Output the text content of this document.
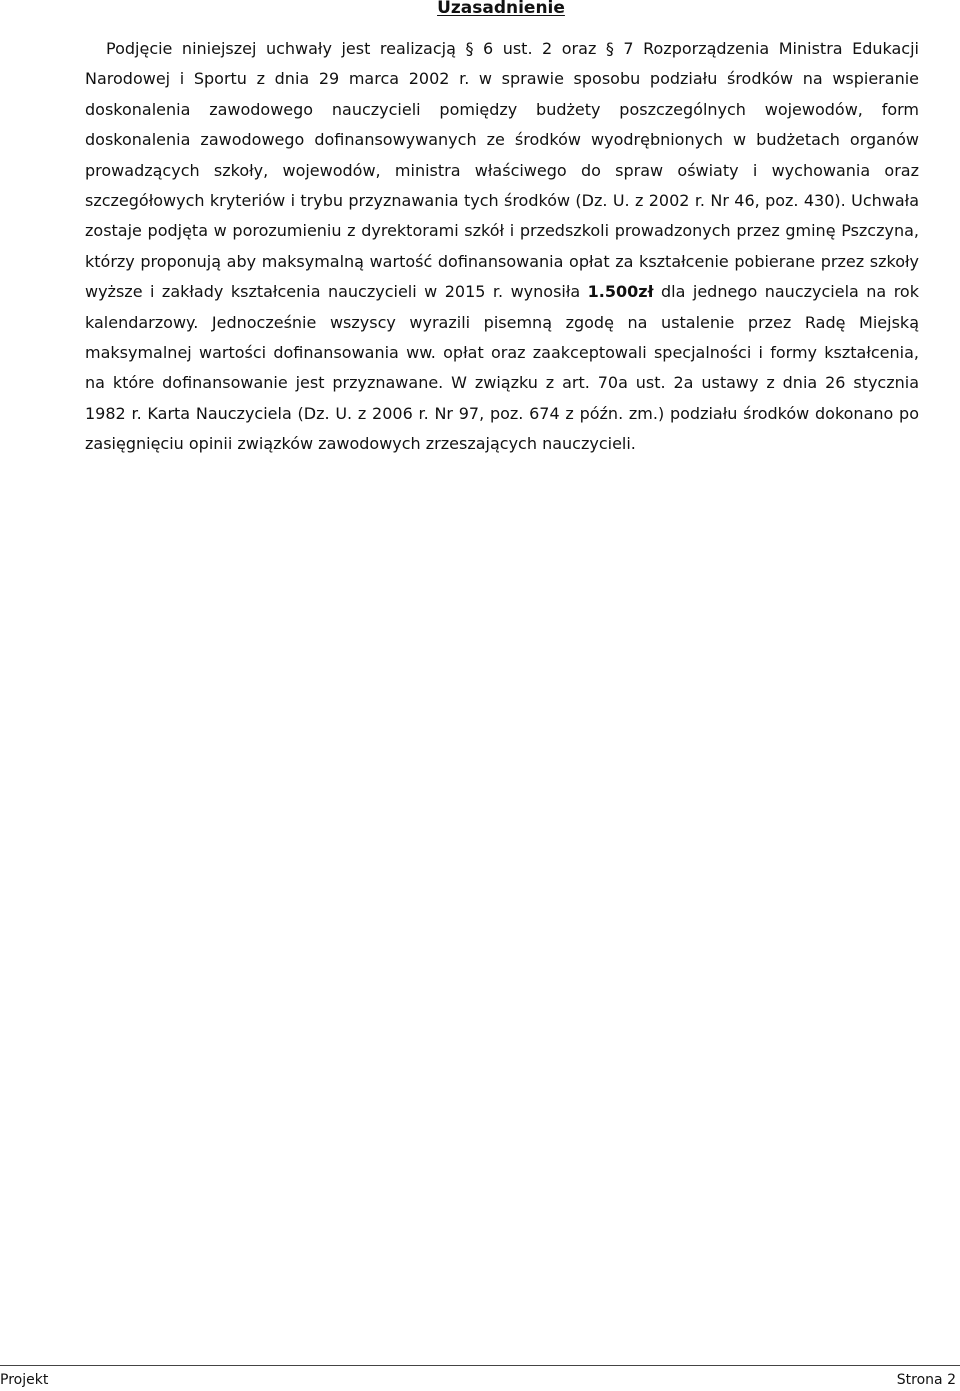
Uzasadnienie

Podjęcie niniejszej uchwały jest realizacją § 6 ust. 2 oraz § 7 Rozporządzenia Ministra Edukacji Narodowej i Sportu z dnia 29 marca 2002 r. w sprawie sposobu podziału środków na wspieranie doskonalenia zawodowego nauczycieli pomiędzy budżety poszczególnych wojewodów, form doskonalenia zawodowego dofinansowywanych ze środków wyodrębnionych w budżetach organów prowadzących szkoły, wojewodów, ministra właściwego do spraw oświaty i wychowania oraz szczegółowych kryteriów i trybu przyznawania tych środków (Dz. U. z 2002 r. Nr 46, poz. 430). Uchwała zostaje podjęta w porozumieniu z dyrektorami szkół i przedszkoli prowadzonych przez gminę Pszczyna, którzy proponują aby maksymalną wartość dofinansowania opłat za kształcenie pobierane przez szkoły wyższe i zakłady kształcenia nauczycieli w 2015 r. wynosiła 1.500zł dla jednego nauczyciela na rok kalendarzowy. Jednocześnie wszyscy wyrazili pisemną zgodę na ustalenie przez Radę Miejską maksymalnej wartości dofinansowania ww. opłat oraz zaakceptowali specjalności i formy kształcenia, na które dofinansowanie jest przyznawane. W związku z art. 70a ust. 2a ustawy z dnia 26 stycznia 1982 r. Karta Nauczyciela (Dz. U. z 2006 r. Nr 97, poz. 674 z późn. zm.) podziału środków dokonano po zasięgnięciu opinii związków zawodowych zrzeszających nauczycieli.

Projekt	Strona 2
